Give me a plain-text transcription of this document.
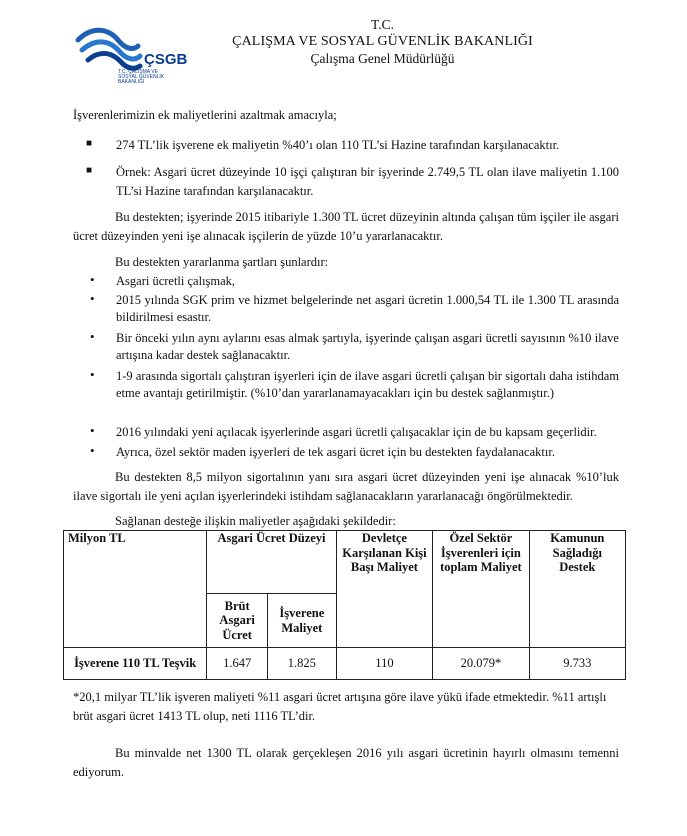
ÇSGB
T.C. ÇALIŞMA VE
SOSYAL GÜVENLİK
BAKANLIĞI
T.C.
ÇALIŞMA VE SOSYAL GÜVENLİK BAKANLIĞI
Çalışma Genel Müdürlüğü
İşverenlerimizin ek maliyetlerini azaltmak amacıyla;
■ 274 TL’lik işverene ek maliyetin %40’ı olan 110 TL’si Hazine tarafından karşılanacaktır.
■ Örnek: Asgari ücret düzeyinde 10 işçi çalıştıran bir işyerinde 2.749,5 TL olan ilave maliyetin 1.100 TL’si Hazine tarafından karşılanacaktır.
Bu destekten; işyerinde 2015 itibariyle 1.300 TL ücret düzeyinin altında çalışan tüm işçiler ile asgari ücret düzeyinden yeni işe alınacak işçilerin de yüzde 10’u yararlanacaktır.
Bu destekten yararlanma şartları şunlardır:
• Asgari ücretli çalışmak,
• 2015 yılında SGK prim ve hizmet belgelerinde net asgari ücretin 1.000,54 TL ile 1.300 TL arasında bildirilmesi esastır.
• Bir önceki yılın aynı aylarını esas almak şartıyla, işyerinde çalışan asgari ücretli sayısının %10 ilave artışına kadar destek sağlanacaktır.
• 1-9 arasında sigortalı çalıştıran işyerleri için de ilave asgari ücretli çalışan bir sigortalı daha istihdam etme avantajı getirilmiştir. (%10’dan yararlanamayacakları için bu destek sağlanmıştır.)
• 2016 yılındaki yeni açılacak işyerlerinde asgari ücretli çalışacaklar için de bu kapsam geçerlidir.
• Ayrıca, özel sektör maden işyerleri de tek asgari ücret için bu destekten faydalanacaktır.
Bu destekten 8,5 milyon sigortalının yanı sıra asgari ücret düzeyinden yeni işe alınacak %10’luk ilave sigortalı ile yeni açılan işyerlerindeki istihdam sağlanacakların yararlanacağı öngörülmektedir.
Sağlanan desteğe ilişkin maliyetler aşağıdaki şekildedir:
Milyon TL	Asgari Ücret Düzeyi		Devletçe Karşılanan Kişi Başı Maliyet	Özel Sektör İşverenleri için toplam Maliyet	Kamunun Sağladığı Destek
	Brüt Asgari Ücret	İşverene Maliyet			
İşverene 110 TL Teşvik	1.647	1.825	110	20.079*	9.733
*20,1 milyar TL’lik işveren maliyeti %11 asgari ücret artışına göre ilave yükü ifade etmektedir. %11 artışlı brüt asgari ücret 1413 TL olup, neti 1116 TL’dir.
Bu minvalde net 1300 TL olarak gerçekleşen 2016 yılı asgari ücretinin hayırlı olmasını temenni ediyorum.
